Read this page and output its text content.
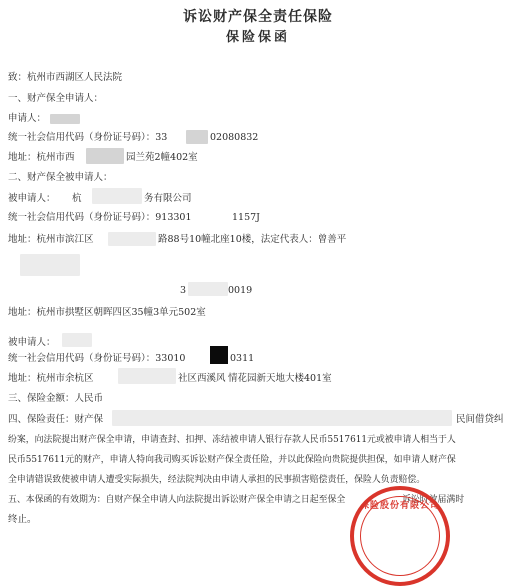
诉讼财产保全责任保险
保险保函
致：杭州市西湖区人民法院
一、财产保全申请人：
申请人：
统一社会信用代码（身份证号码）：33	02080832
地址：杭州市西	园兰苑2幢402室
二、财产保全被申请人：
被申请人： 杭	务有限公司
统一社会信用代码（身份证号码）：913301	1157J
地址：杭州市滨江区	路88号10幢北座10楼，法定代表人：曾善平
3	0019
地址：杭州市拱墅区朝晖四区35幢3单元502室
被申请人：
统一社会信用代码（身份证号码）：33010	0311
地址：杭州市余杭区	社区西溪风 情花园新天地大楼401室
三、保险金额：人民币
四、保险责任：财产保	民间借贷纠
纷案，向法院提出财产保全申请，申请查封、扣押、冻结被申请人银行存款人民币5517611元或被申请人相当于人
民币5517611元的财产，申请人特向我司购买诉讼财产保全责任险，并以此保险向贵院提供担保，如申请人财产保
全申请错误致使被申请人遭受实际损失，经法院判决由申请人承担的民事损害赔偿责任，保险人负责赔偿。
五、本保函的有效期为：自财产保全申请人向法院提出诉讼财产保全申请之日起至保全	诉讼时效届满时
终止。
保险股份有限公司
